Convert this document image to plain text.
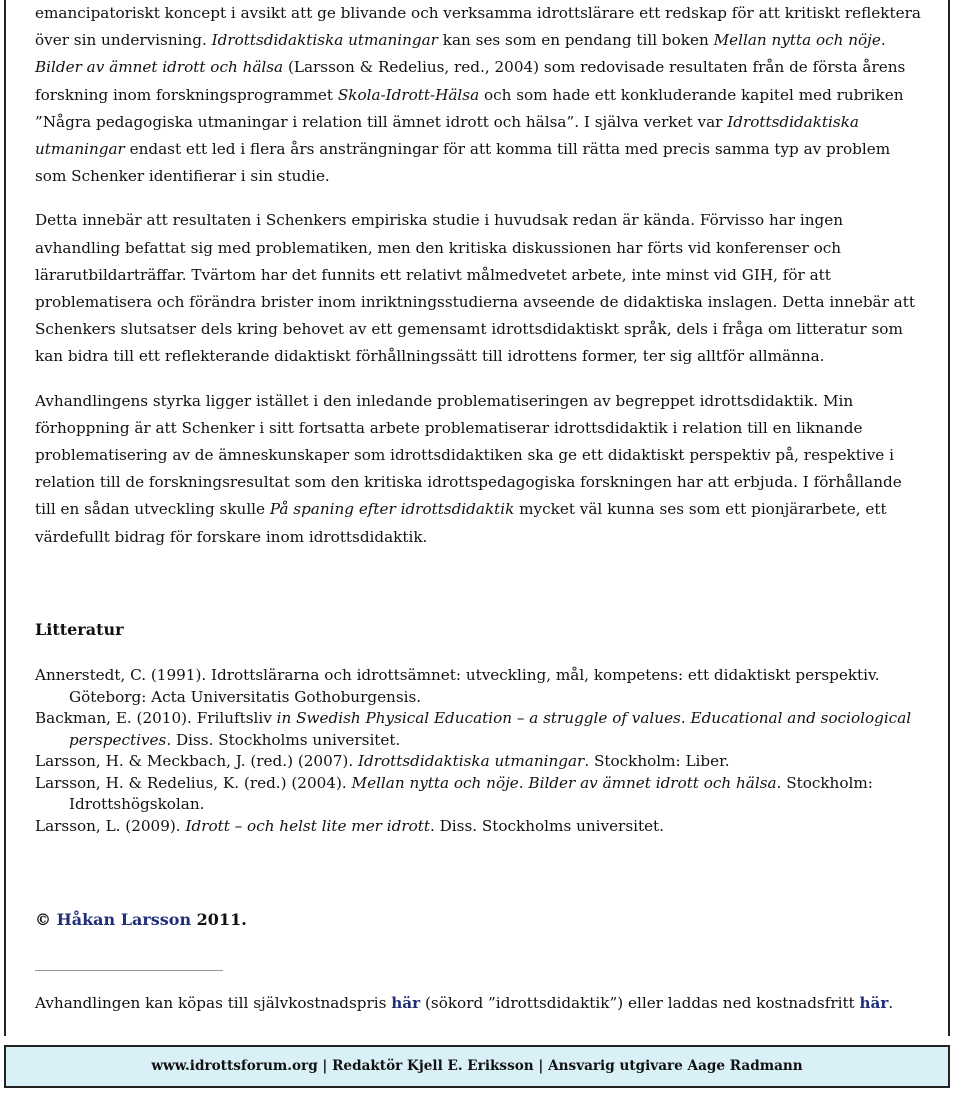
emancipatoriskt koncept i avsikt att ge blivande och verksamma idrottslärare ett redskap för att kritiskt reflektera över sin undervisning. Idrottsdidaktiska utmaningar kan ses som en pendang till boken Mellan nytta och nöje. Bilder av ämnet idrott och hälsa (Larsson & Redelius, red., 2004) som redovisade resultaten från de första årens forskning inom forskningsprogrammet Skola-Idrott-Hälsa och som hade ett konkluderande kapitel med rubriken ”Några pedagogiska utmaningar i relation till ämnet idrott och hälsa”. I själva verket var Idrottsdidaktiska utmaningar endast ett led i flera års ansträngningar för att komma till rätta med precis samma typ av problem som Schenker identifierar i sin studie.

Detta innebär att resultaten i Schenkers empiriska studie i huvudsak redan är kända. Förvisso har ingen avhandling befattat sig med problematiken, men den kritiska diskussionen har förts vid konferenser och lärarutbildarträffar. Tvärtom har det funnits ett relativt målmedvetet arbete, inte minst vid GIH, för att problematisera och förändra brister inom inriktningsstudierna avseende de didaktiska inslagen. Detta innebär att Schenkers slutsatser dels kring behovet av ett gemensamt idrottsdidaktiskt språk, dels i fråga om litteratur som kan bidra till ett reflekterande didaktiskt förhållningssätt till idrottens former, ter sig alltför allmänna.

Avhandlingens styrka ligger istället i den inledande problematiseringen av begreppet idrottsdidaktik. Min förhoppning är att Schenker i sitt fortsatta arbete problematiserar idrottsdidaktik i relation till en liknande problematisering av de ämneskunskaper som idrottsdidaktiken ska ge ett didaktiskt perspektiv på, respektive i relation till de forskningsresultat som den kritiska idrottspedagogiska forskningen har att erbjuda. I förhållande till en sådan utveckling skulle På spaning efter idrottsdidaktik mycket väl kunna ses som ett pionjärarbete, ett värdefullt bidrag för forskare inom idrottsdidaktik.

Litteratur
Annerstedt, C. (1991). Idrottslärarna och idrottsämnet: utveckling, mål, kompetens: ett didaktiskt perspektiv. Göteborg: Acta Universitatis Gothoburgensis.
Backman, E. (2010). Friluftsliv in Swedish Physical Education – a struggle of values. Educational and sociological perspectives. Diss. Stockholms universitet.
Larsson, H. & Meckbach, J. (red.) (2007). Idrottsdidaktiska utmaningar. Stockholm: Liber.
Larsson, H. & Redelius, K. (red.) (2004). Mellan nytta och nöje. Bilder av ämnet idrott och hälsa. Stockholm: Idrottshögskolan.
Larsson, L. (2009). Idrott – och helst lite mer idrott. Diss. Stockholms universitet.
© Håkan Larsson 2011.
Avhandlingen kan köpas till självkostnadspris här (sökord ”idrottsdidaktik”) eller laddas ned kostnadsfritt här.
www.idrottsforum.org | Redaktör Kjell E. Eriksson | Ansvarig utgivare Aage Radmann
